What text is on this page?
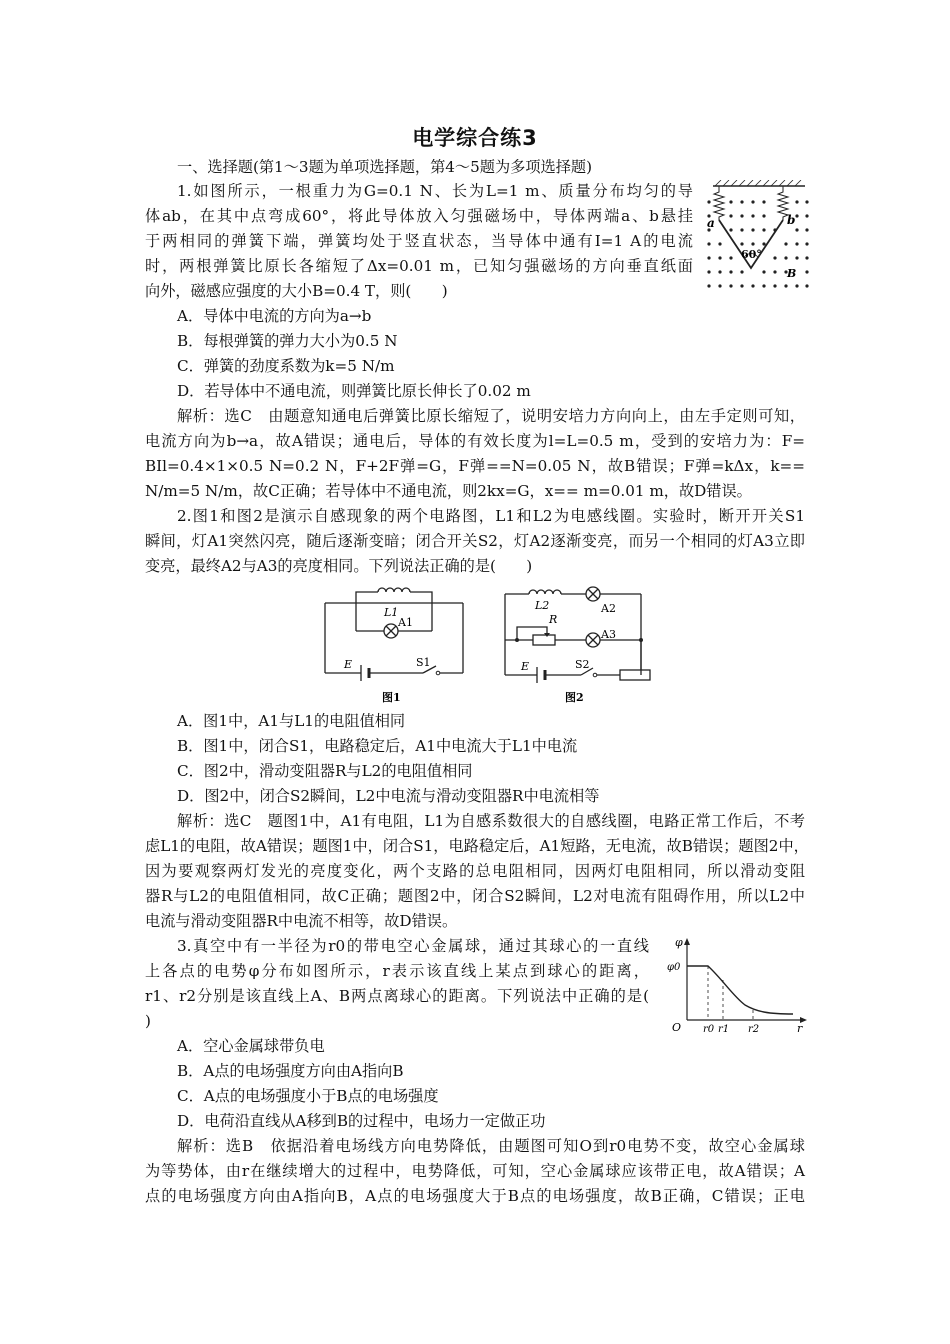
电学综合练3
一、选择题(第1～3题为单项选择题，第4～5题为多项选择题)
1.如图所示，一根重力为G=0.1 N、长为L=1 m、质量分布均匀的导
体ab，在其中点弯成60°，将此导体放入匀强磁场中，导体两端a、b悬挂
于两相同的弹簧下端，弹簧均处于竖直状态，当导体中通有I=1 A的电流
时，两根弹簧比原长各缩短了Δx=0.01 m，已知匀强磁场的方向垂直纸面
向外，磁感应强度的大小B=0.4 T，则(　　)
a	b
60°
B
A．导体中电流的方向为a→b
B．每根弹簧的弹力大小为0.5 N
C．弹簧的劲度系数为k=5 N/m
D．若导体中不通电流，则弹簧比原长伸长了0.02 m
解析：选C　由题意知通电后弹簧比原长缩短了，说明安培力方向向上，由左手定则可知，
电流方向为b→a，故A错误；通电后，导体的有效长度为l=L=0.5 m，受到的安培力为：F=
BIl=0.4×1×0.5 N=0.2 N，F+2F弹=G，F弹==N=0.05 N，故B错误；F弹=kΔx，k==
N/m=5 N/m，故C正确；若导体中不通电流，则2kx=G，x== m=0.01 m，故D错误。
2.图1和图2是演示自感现象的两个电路图，L1和L2为电感线圈。实验时，断开开关S1
瞬间，灯A1突然闪亮，随后逐渐变暗；闭合开关S2，灯A2逐渐变亮，而另一个相同的灯A3立即
变亮，最终A2与A3的亮度相同。下列说法正确的是(　　)
L1
A1
E	S1
图1
L2	A2
R
A3
E	S2
图2
A．图1中，A1与L1的电阻值相同
B．图1中，闭合S1，电路稳定后，A1中电流大于L1中电流
C．图2中，滑动变阻器R与L2的电阻值相同
D．图2中，闭合S2瞬间，L2中电流与滑动变阻器R中电流相等
解析：选C　题图1中，A1有电阻，L1为自感系数很大的自感线圈，电路正常工作后，不考
虑L1的电阻，故A错误；题图1中，闭合S1，电路稳定后，A1短路，无电流，故B错误；题图2中，
因为要观察两灯发光的亮度变化，两个支路的总电阻相同，因两灯电阻相同，所以滑动变阻
器R与L2的电阻值相同，故C正确；题图2中，闭合S2瞬间，L2对电流有阻碍作用，所以L2中
电流与滑动变阻器R中电流不相等，故D错误。
3.真空中有一半径为r0的带电空心金属球，通过其球心的一直线
上各点的电势φ分布如图所示，r表示该直线上某点到球心的距离，
r1、r2分别是该直线上A、B两点离球心的距离。下列说法中正确的是(
)
φ
φ0
O r0 r1 r2	r
A．空心金属球带负电
B．A点的电场强度方向由A指向B
C．A点的电场强度小于B点的电场强度
D．电荷沿直线从A移到B的过程中，电场力一定做正功
解析：选B　依据沿着电场线方向电势降低，由题图可知O到r0电势不变，故空心金属球
为等势体，由r在继续增大的过程中，电势降低，可知，空心金属球应该带正电，故A错误；A
点的电场强度方向由A指向B，A点的电场强度大于B点的电场强度，故B正确，C错误；正电
